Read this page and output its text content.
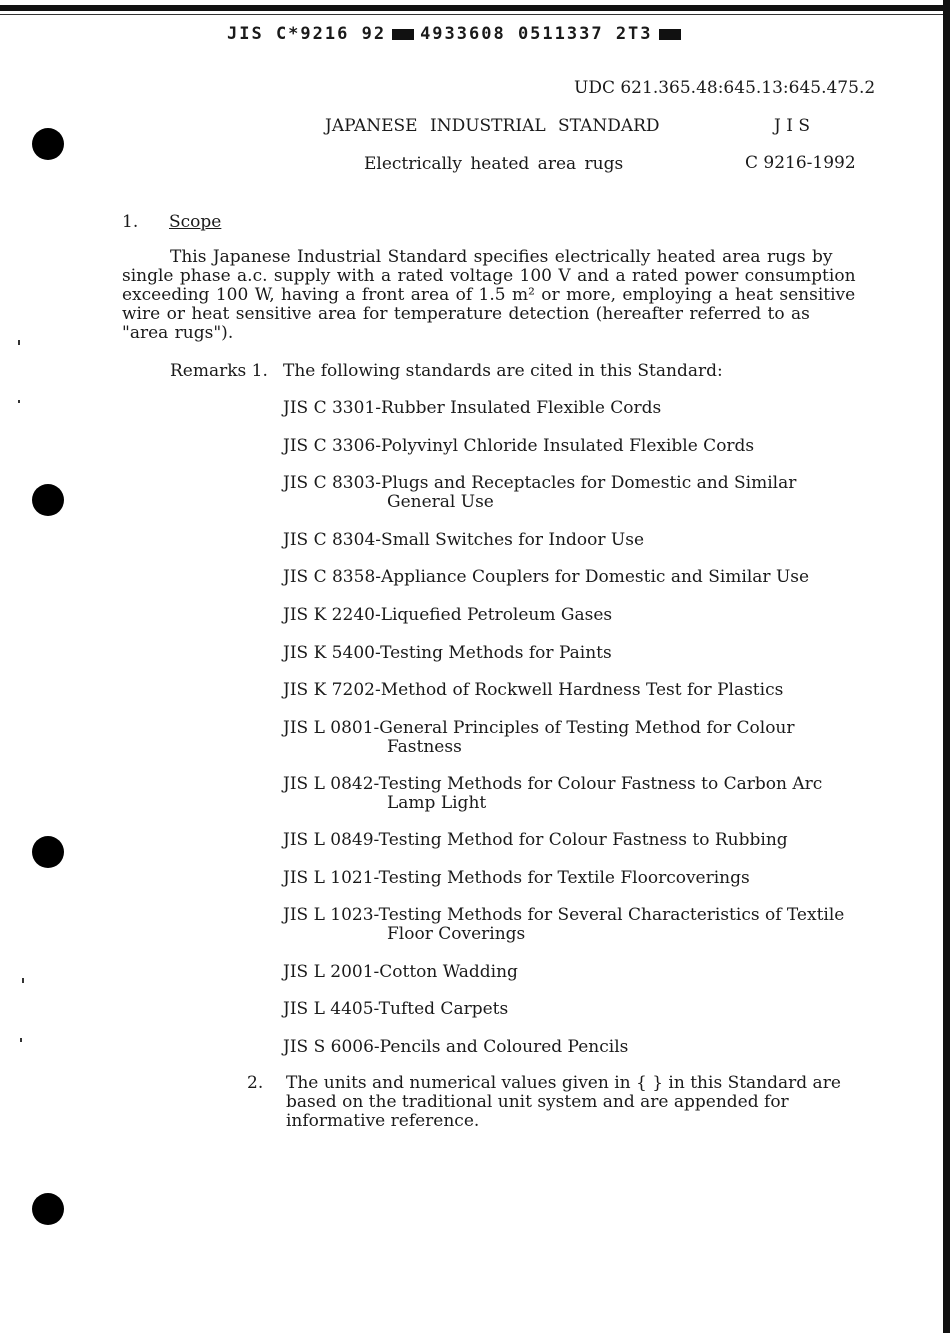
JIS C*9216 92 4933608 0511337 2T3
UDC 621.365.48:645.13:645.475.2
JAPANESE INDUSTRIAL STANDARD	J I S
Electrically heated area rugs	C 9216-1992
1. Scope
This Japanese Industrial Standard specifies electrically heated area rugs by
single phase a.c. supply with a rated voltage 100 V and a rated power consumption exceeding 100 W, having a front area of 1.5 m² or more, employing a heat sensitive wire or heat sensitive area for temperature detection (hereafter referred to as "area rugs").
Remarks 1. The following standards are cited in this Standard:
JIS C 3301-Rubber Insulated Flexible Cords
JIS C 3306-Polyvinyl Chloride Insulated Flexible Cords
JIS C 8303-Plugs and Receptacles for Domestic and Similar
General Use
JIS C 8304-Small Switches for Indoor Use
JIS C 8358-Appliance Couplers for Domestic and Similar Use
JIS K 2240-Liquefied Petroleum Gases
JIS K 5400-Testing Methods for Paints
JIS K 7202-Method of Rockwell Hardness Test for Plastics
JIS L 0801-General Principles of Testing Method for Colour
Fastness
JIS L 0842-Testing Methods for Colour Fastness to Carbon Arc
Lamp Light
JIS L 0849-Testing Method for Colour Fastness to Rubbing
JIS L 1021-Testing Methods for Textile Floorcoverings
JIS L 1023-Testing Methods for Several Characteristics of Textile
Floor Coverings
JIS L 2001-Cotton Wadding
JIS L 4405-Tufted Carpets
JIS S 6006-Pencils and Coloured Pencils
2. The units and numerical values given in { } in this Standard are based on the traditional unit system and are appended for informative reference.
